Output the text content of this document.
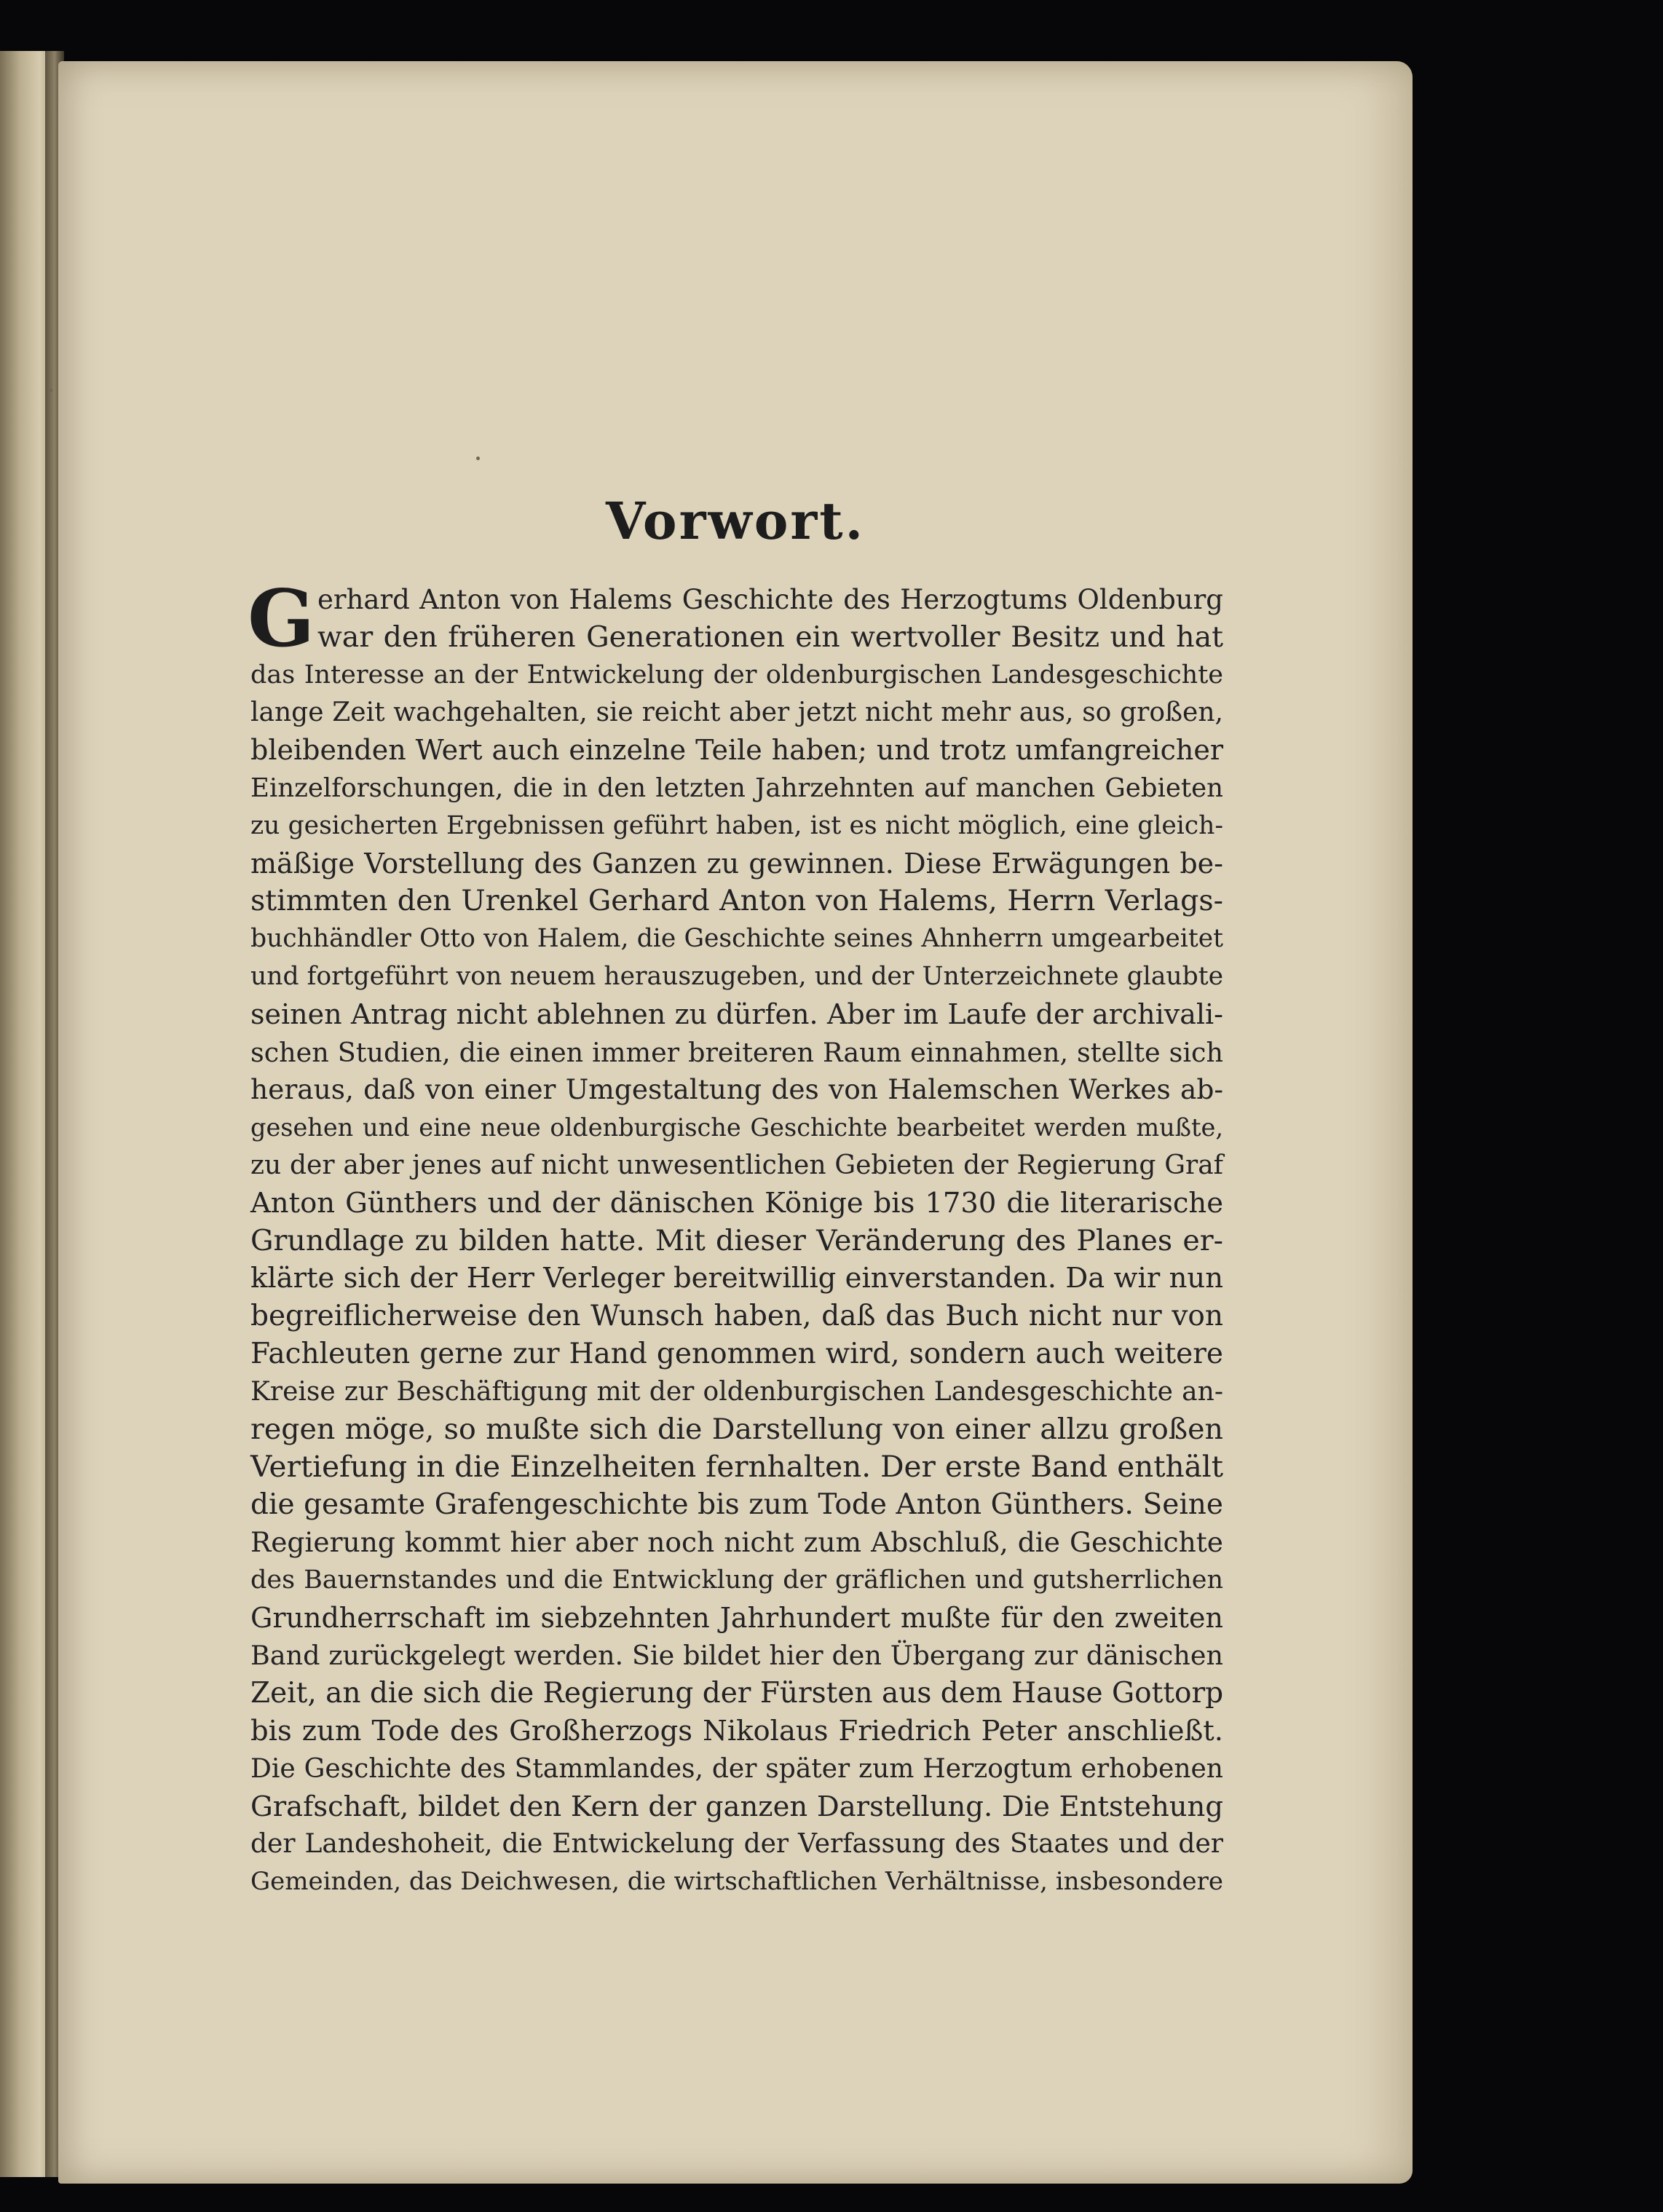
Vorwort.
G erhard Anton von Halems Geschichte des Herzogtums Oldenburg
war den früheren Generationen ein wertvoller Besitz und hat
das Interesse an der Entwickelung der oldenburgischen Landesgeschichte
lange Zeit wachgehalten, sie reicht aber jetzt nicht mehr aus, so großen,
bleibenden Wert auch einzelne Teile haben; und trotz umfangreicher
Einzelforschungen, die in den letzten Jahrzehnten auf manchen Gebieten
zu gesicherten Ergebnissen geführt haben, ist es nicht möglich, eine gleich-
mäßige Vorstellung des Ganzen zu gewinnen. Diese Erwägungen be-
stimmten den Urenkel Gerhard Anton von Halems, Herrn Verlags-
buchhändler Otto von Halem, die Geschichte seines Ahnherrn umgearbeitet
und fortgeführt von neuem herauszugeben, und der Unterzeichnete glaubte
seinen Antrag nicht ablehnen zu dürfen. Aber im Laufe der archivali-
schen Studien, die einen immer breiteren Raum einnahmen, stellte sich
heraus, daß von einer Umgestaltung des von Halemschen Werkes ab-
gesehen und eine neue oldenburgische Geschichte bearbeitet werden mußte,
zu der aber jenes auf nicht unwesentlichen Gebieten der Regierung Graf
Anton Günthers und der dänischen Könige bis 1730 die literarische
Grundlage zu bilden hatte. Mit dieser Veränderung des Planes er-
klärte sich der Herr Verleger bereitwillig einverstanden. Da wir nun
begreiflicherweise den Wunsch haben, daß das Buch nicht nur von
Fachleuten gerne zur Hand genommen wird, sondern auch weitere
Kreise zur Beschäftigung mit der oldenburgischen Landesgeschichte an-
regen möge, so mußte sich die Darstellung von einer allzu großen
Vertiefung in die Einzelheiten fernhalten. Der erste Band enthält
die gesamte Grafengeschichte bis zum Tode Anton Günthers. Seine
Regierung kommt hier aber noch nicht zum Abschluß, die Geschichte
des Bauernstandes und die Entwicklung der gräflichen und gutsherrlichen
Grundherrschaft im siebzehnten Jahrhundert mußte für den zweiten
Band zurückgelegt werden. Sie bildet hier den Übergang zur dänischen
Zeit, an die sich die Regierung der Fürsten aus dem Hause Gottorp
bis zum Tode des Großherzogs Nikolaus Friedrich Peter anschließt.
Die Geschichte des Stammlandes, der später zum Herzogtum erhobenen
Grafschaft, bildet den Kern der ganzen Darstellung. Die Entstehung
der Landeshoheit, die Entwickelung der Verfassung des Staates und der
Gemeinden, das Deichwesen, die wirtschaftlichen Verhältnisse, insbesondere
